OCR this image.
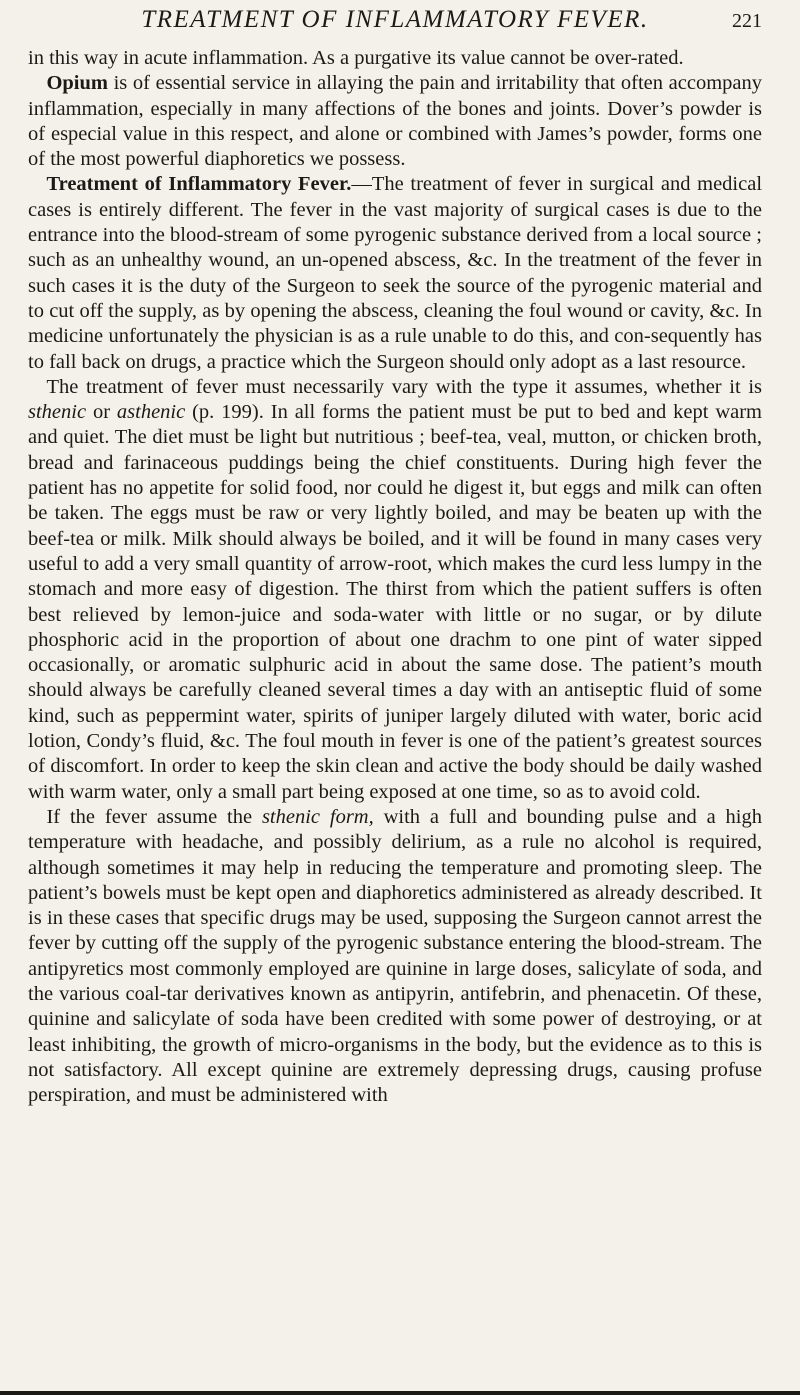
TREATMENT OF INFLAMMATORY FEVER.	221

in this way in acute inflammation. As a purgative its value cannot be over-rated.

Opium is of essential service in allaying the pain and irritability that often accompany inflammation, especially in many affections of the bones and joints. Dover’s powder is of especial value in this respect, and alone or combined with James’s powder, forms one of the most powerful diaphoretics we possess.

Treatment of Inflammatory Fever.—The treatment of fever in surgical and medical cases is entirely different. The fever in the vast majority of surgical cases is due to the entrance into the blood-stream of some pyrogenic substance derived from a local source ; such as an unhealthy wound, an un-opened abscess, &c. In the treatment of the fever in such cases it is the duty of the Surgeon to seek the source of the pyrogenic material and to cut off the supply, as by opening the abscess, cleaning the foul wound or cavity, &c. In medicine unfortunately the physician is as a rule unable to do this, and con-sequently has to fall back on drugs, a practice which the Surgeon should only adopt as a last resource.

The treatment of fever must necessarily vary with the type it assumes, whether it is sthenic or asthenic (p. 199). In all forms the patient must be put to bed and kept warm and quiet. The diet must be light but nutritious ; beef-tea, veal, mutton, or chicken broth, bread and farinaceous puddings being the chief constituents. During high fever the patient has no appetite for solid food, nor could he digest it, but eggs and milk can often be taken. The eggs must be raw or very lightly boiled, and may be beaten up with the beef-tea or milk. Milk should always be boiled, and it will be found in many cases very useful to add a very small quantity of arrow-root, which makes the curd less lumpy in the stomach and more easy of digestion. The thirst from which the patient suffers is often best relieved by lemon-juice and soda-water with little or no sugar, or by dilute phosphoric acid in the proportion of about one drachm to one pint of water sipped occasionally, or aromatic sulphuric acid in about the same dose. The patient’s mouth should always be carefully cleaned several times a day with an antiseptic fluid of some kind, such as peppermint water, spirits of juniper largely diluted with water, boric acid lotion, Condy’s fluid, &c. The foul mouth in fever is one of the patient’s greatest sources of discomfort. In order to keep the skin clean and active the body should be daily washed with warm water, only a small part being exposed at one time, so as to avoid cold.

If the fever assume the sthenic form, with a full and bounding pulse and a high temperature with headache, and possibly delirium, as a rule no alcohol is required, although sometimes it may help in reducing the temperature and promoting sleep. The patient’s bowels must be kept open and diaphoretics administered as already described. It is in these cases that specific drugs may be used, supposing the Surgeon cannot arrest the fever by cutting off the supply of the pyrogenic substance entering the blood-stream. The antipyretics most commonly employed are quinine in large doses, salicylate of soda, and the various coal-tar derivatives known as antipyrin, antifebrin, and phenacetin. Of these, quinine and salicylate of soda have been credited with some power of destroying, or at least inhibiting, the growth of micro-organisms in the body, but the evidence as to this is not satisfactory. All except quinine are extremely depressing drugs, causing profuse perspiration, and must be administered with
